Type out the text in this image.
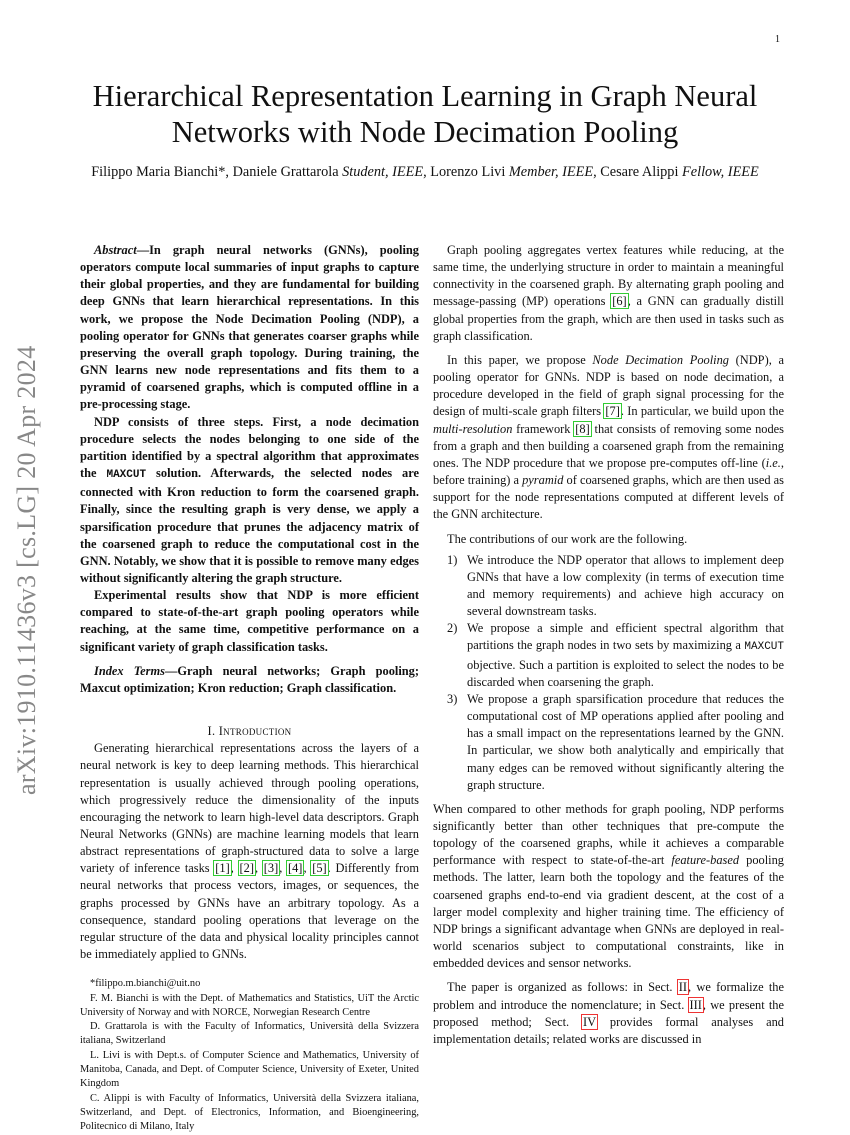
1
Hierarchical Representation Learning in Graph Neural Networks with Node Decimation Pooling
Filippo Maria Bianchi*, Daniele Grattarola Student, IEEE, Lorenzo Livi Member, IEEE, Cesare Alippi Fellow, IEEE
arXiv:1910.11436v3 [cs.LG] 20 Apr 2024

Abstract—In graph neural networks (GNNs), pooling operators compute local summaries of input graphs to capture their global properties, and they are fundamental for building deep GNNs that learn hierarchical representations. In this work, we propose the Node Decimation Pooling (NDP), a pooling operator for GNNs that generates coarser graphs while preserving the overall graph topology. During training, the GNN learns new node representations and fits them to a pyramid of coarsened graphs, which is computed offline in a pre-processing stage.

NDP consists of three steps. First, a node decimation procedure selects the nodes belonging to one side of the partition identified by a spectral algorithm that approximates the MAXCUT solution. Afterwards, the selected nodes are connected with Kron reduction to form the coarsened graph. Finally, since the resulting graph is very dense, we apply a sparsification procedure that prunes the adjacency matrix of the coarsened graph to reduce the computational cost in the GNN. Notably, we show that it is possible to remove many edges without significantly altering the graph structure.

Experimental results show that NDP is more efficient compared to state-of-the-art graph pooling operators while reaching, at the same time, competitive performance on a significant variety of graph classification tasks.

Index Terms—Graph neural networks; Graph pooling; Maxcut optimization; Kron reduction; Graph classification.

I. Introduction

Generating hierarchical representations across the layers of a neural network is key to deep learning methods. This hierarchical representation is usually achieved through pooling operations, which progressively reduce the dimensionality of the inputs encouraging the network to learn high-level data descriptors. Graph Neural Networks (GNNs) are machine learning models that learn abstract representations of graph-structured data to solve a large variety of inference tasks [1], [2], [3], [4], [5]. Differently from neural networks that process vectors, images, or sequences, the graphs processed by GNNs have an arbitrary topology. As a consequence, standard pooling operations that leverage on the regular structure of the data and physical locality principles cannot be immediately applied to GNNs.

*filippo.m.bianchi@uit.no

F. M. Bianchi is with the Dept. of Mathematics and Statistics, UiT the Arctic University of Norway and with NORCE, Norwegian Research Centre

D. Grattarola is with the Faculty of Informatics, Università della Svizzera italiana, Switzerland

L. Livi is with Dept.s. of Computer Science and Mathematics, University of Manitoba, Canada, and Dept. of Computer Science, University of Exeter, United Kingdom

C. Alippi is with Faculty of Informatics, Università della Svizzera italiana, Switzerland, and Dept. of Electronics, Information, and Bioengineering, Politecnico di Milano, Italy

Graph pooling aggregates vertex features while reducing, at the same time, the underlying structure in order to maintain a meaningful connectivity in the coarsened graph. By alternating graph pooling and message-passing (MP) operations [6], a GNN can gradually distill global properties from the graph, which are then used in tasks such as graph classification.

In this paper, we propose Node Decimation Pooling (NDP), a pooling operator for GNNs. NDP is based on node decimation, a procedure developed in the field of graph signal processing for the design of multi-scale graph filters [7]. In particular, we build upon the multi-resolution framework [8] that consists of removing some nodes from a graph and then building a coarsened graph from the remaining ones. The NDP procedure that we propose pre-computes off-line (i.e., before training) a pyramid of coarsened graphs, which are then used as support for the node representations computed at different levels of the GNN architecture.

The contributions of our work are the following.

1) We introduce the NDP operator that allows to implement deep GNNs that have a low complexity (in terms of execution time and memory requirements) and achieve high accuracy on several downstream tasks.
2) We propose a simple and efficient spectral algorithm that partitions the graph nodes in two sets by maximizing a MAXCUT objective. Such a partition is exploited to select the nodes to be discarded when coarsening the graph.
3) We propose a graph sparsification procedure that reduces the computational cost of MP operations applied after pooling and has a small impact on the representations learned by the GNN. In particular, we show both analytically and empirically that many edges can be removed without significantly altering the graph structure.

When compared to other methods for graph pooling, NDP performs significantly better than other techniques that pre-compute the topology of the coarsened graphs, while it achieves a comparable performance with respect to state-of-the-art feature-based pooling methods. The latter, learn both the topology and the features of the coarsened graphs end-to-end via gradient descent, at the cost of a larger model complexity and higher training time. The efficiency of NDP brings a significant advantage when GNNs are deployed in real-world scenarios subject to computational constraints, like in embedded devices and sensor networks.

The paper is organized as follows: in Sect. II, we formalize the problem and introduce the nomenclature; in Sect. III, we present the proposed method; Sect. IV provides formal analyses and implementation details; related works are discussed in
